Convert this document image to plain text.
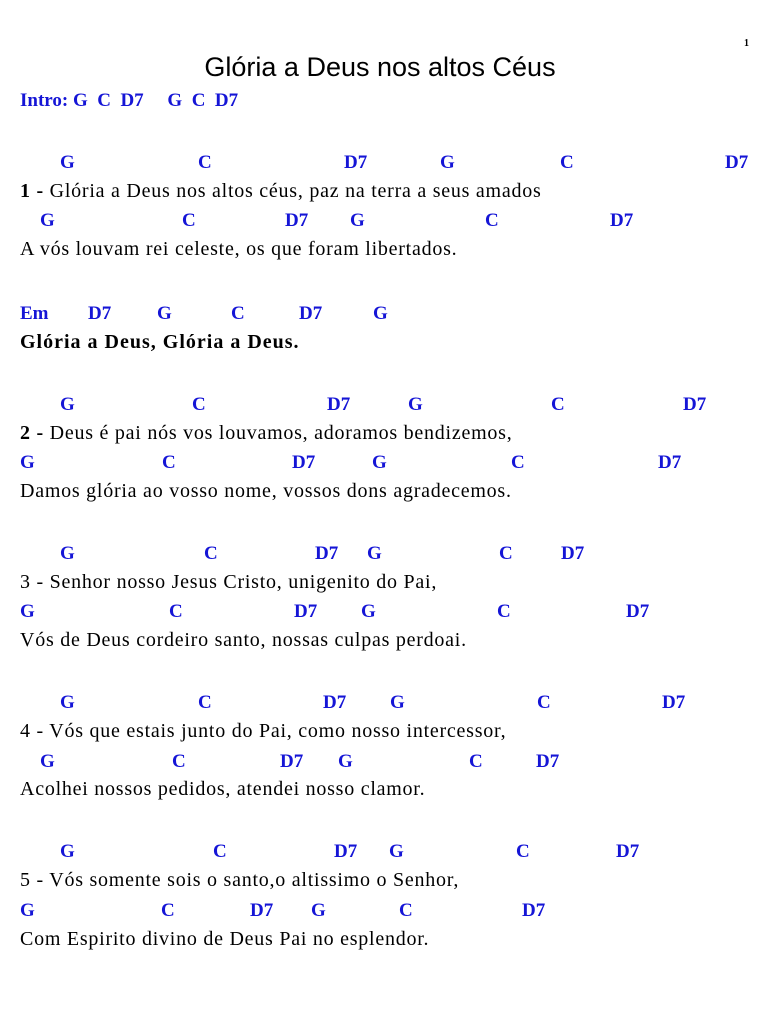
1
Glória a Deus nos altos Céus
Intro: G  C  D7     G  C  D7
G	C	D7	G	C	D7
1 - Glória a Deus nos altos céus, paz na terra a seus amados
G	C	D7 G	C	D7
A vós louvam rei celeste, os que foram libertados.
Em D7 G	C	D7	G
Glória a Deus, Glória a Deus.
G	C	D7	G	C	D7
2 - Deus é pai nós vos louvamos, adoramos bendizemos,
G	C	D7	G	C	D7
Damos glória ao vosso nome, vossos dons agradecemos.
G	C	D7 G	C	D7
3 - Senhor nosso Jesus Cristo, unigenito do Pai,
G	C	D7 G	C	D7
Vós de Deus cordeiro santo, nossas culpas perdoai.
G	C	D7 G	C	D7
4 - Vós que estais junto do Pai, como nosso intercessor,
G	C	D7 G	C	D7
Acolhei nossos pedidos, atendei nosso clamor.
G	C	D7 G	C	D7
5 - Vós somente sois o santo,o altissimo o Senhor,
G	C	D7 G	C	D7
Com Espirito divino de Deus Pai no esplendor.
